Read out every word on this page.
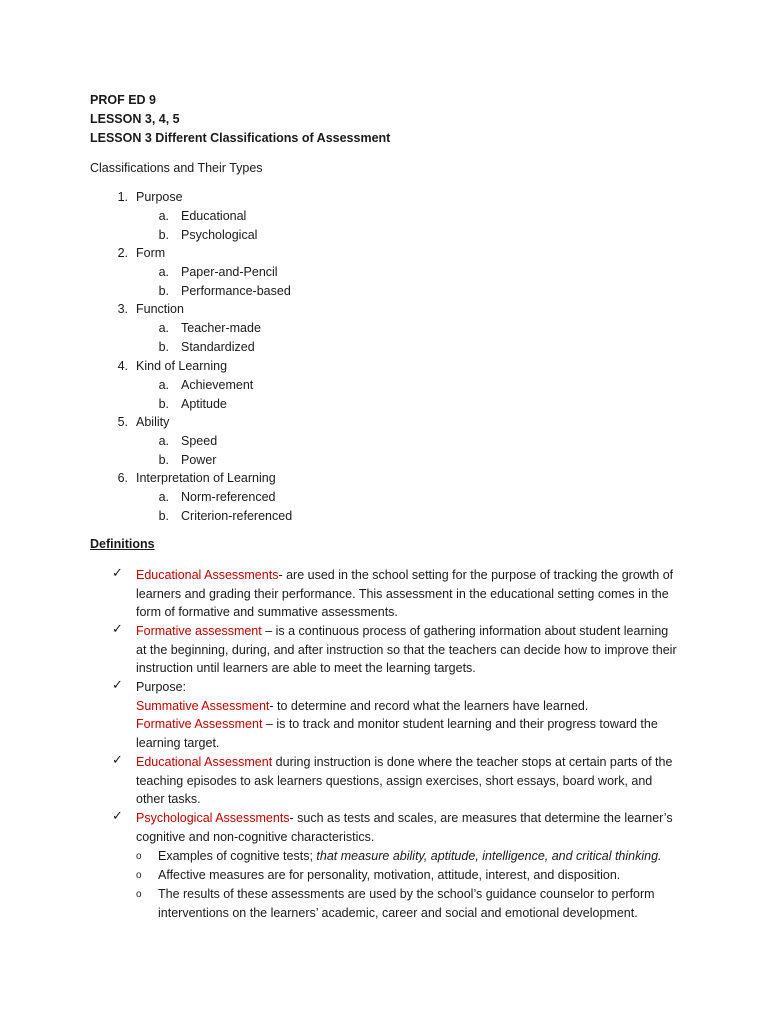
PROF ED 9
LESSON 3, 4, 5
LESSON 3 Different Classifications of Assessment
Classifications and Their Types
1. Purpose
a. Educational
b. Psychological
2. Form
a. Paper-and-Pencil
b. Performance-based
3. Function
a. Teacher-made
b. Standardized
4. Kind of Learning
a. Achievement
b. Aptitude
5. Ability
a. Speed
b. Power
6. Interpretation of Learning
a. Norm-referenced
b. Criterion-referenced
Definitions
✓ Educational Assessments- are used in the school setting for the purpose of tracking the growth of learners and grading their performance. This assessment in the educational setting comes in the form of formative and summative assessments.
✓ Formative assessment – is a continuous process of gathering information about student learning at the beginning, during, and after instruction so that the teachers can decide how to improve their instruction until learners are able to meet the learning targets.
✓ Purpose:
Summative Assessment- to determine and record what the learners have learned.
Formative Assessment – is to track and monitor student learning and their progress toward the learning target.
✓ Educational Assessment during instruction is done where the teacher stops at certain parts of the teaching episodes to ask learners questions, assign exercises, short essays, board work, and other tasks.
✓ Psychological Assessments- such as tests and scales, are measures that determine the learner’s cognitive and non-cognitive characteristics.
o Examples of cognitive tests; that measure ability, aptitude, intelligence, and critical thinking.
o Affective measures are for personality, motivation, attitude, interest, and disposition.
o The results of these assessments are used by the school’s guidance counselor to perform interventions on the learners’ academic, career and social and emotional development.
